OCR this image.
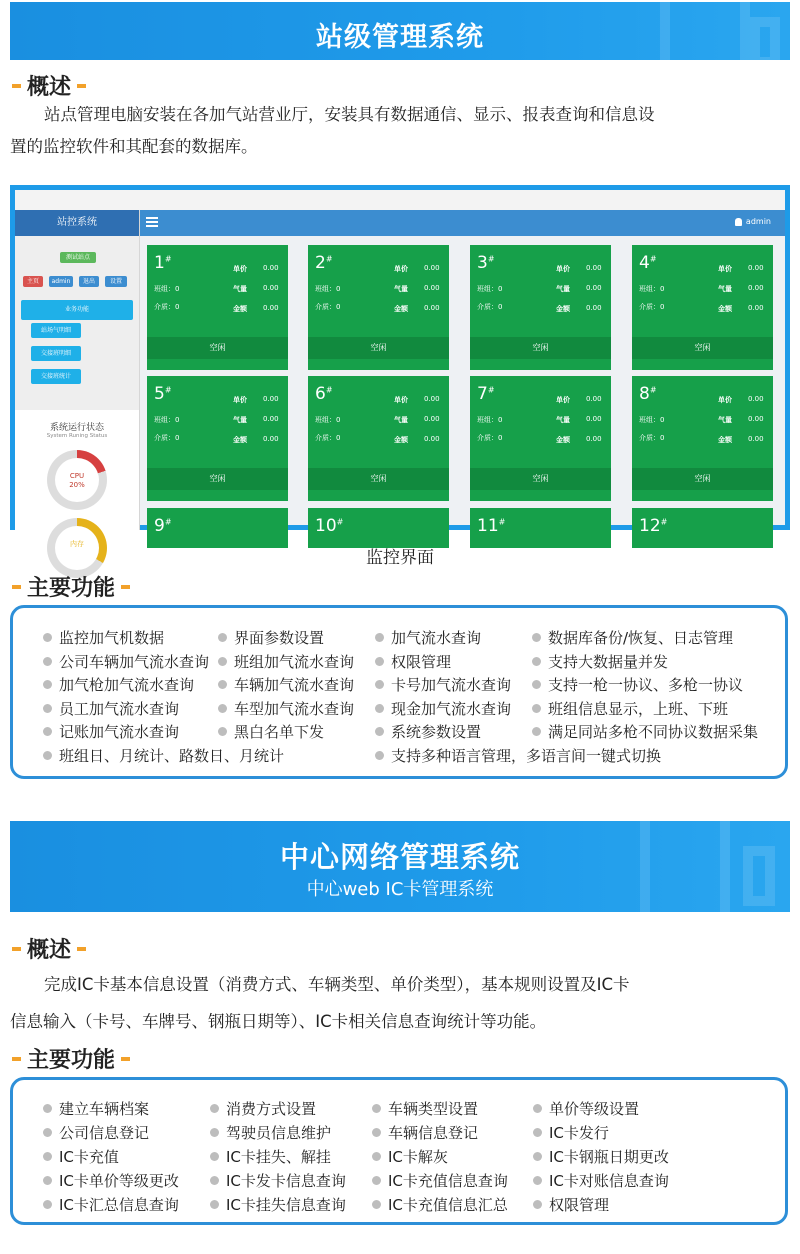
站级管理系统
概述
站点管理电脑安装在各加气站营业厅，安装具有数据通信、显示、报表查询和信息设
置的监控软件和其配套的数据库。
站控系统
测试站点
主页	admin	退出	设置
业务功能
站场气明细
交接班明细
交接班统计
系统运行状态
System Runing Status
CPU
20%
内存
admin
1#
单价 0.00
班组：0	气量 0.00
介质：0	金额 0.00
空闲
2#
单价 0.00
班组：0	气量 0.00
介质：0	金额 0.00
空闲
3#
单价 0.00
班组：0	气量 0.00
介质：0	金额 0.00
空闲
4#
单价 0.00
班组：0	气量 0.00
介质：0	金额 0.00
空闲
5#
单价 0.00
班组：0	气量 0.00
介质：0	金额 0.00
空闲
6#
单价 0.00
班组：0	气量 0.00
介质：0	金额 0.00
空闲
7#
单价 0.00
班组：0	气量 0.00
介质：0	金额 0.00
空闲
8#
单价 0.00
班组：0	气量 0.00
介质：0	金额 0.00
空闲
9#	10#	11#	12#
监控界面
主要功能
监控加气机数据	界面参数设置	加气流水查询	数据库备份/恢复、日志管理
公司车辆加气流水查询	班组加气流水查询	权限管理	支持大数据量并发
加气枪加气流水查询	车辆加气流水查询	卡号加气流水查询	支持一枪一协议、多枪一协议
员工加气流水查询	车型加气流水查询	现金加气流水查询	班组信息显示，上班、下班
记账加气流水查询	黑白名单下发	系统参数设置	满足同站多枪不同协议数据采集
班组日、月统计、路数日、月统计	支持多种语言管理，多语言间一键式切换
中心网络管理系统
中心web IC卡管理系统
概述
完成IC卡基本信息设置（消费方式、车辆类型、单价类型），基本规则设置及IC卡
信息输入（卡号、车牌号、钢瓶日期等）、IC卡相关信息查询统计等功能。
主要功能
建立车辆档案	消费方式设置	车辆类型设置	单价等级设置
公司信息登记	驾驶员信息维护	车辆信息登记	IC卡发行
IC卡充值	IC卡挂失、解挂	IC卡解灰	IC卡钢瓶日期更改
IC卡单价等级更改	IC卡发卡信息查询	IC卡充值信息查询	IC卡对账信息查询
IC卡汇总信息查询	IC卡挂失信息查询	IC卡充值信息汇总	权限管理
